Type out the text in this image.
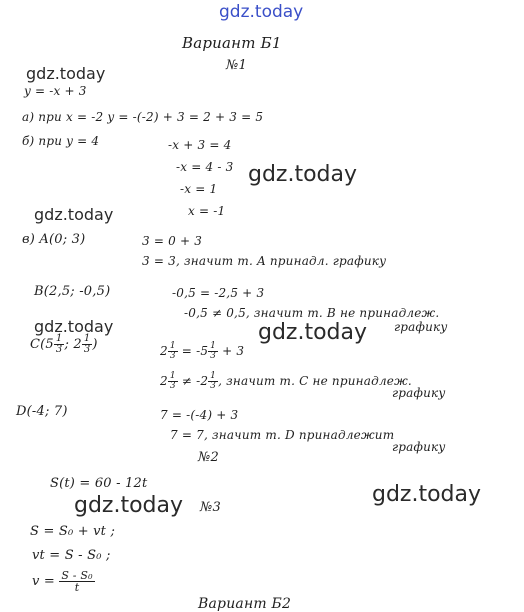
gdz.today
gdz.today
gdz.today
gdz.today
gdz.today	gdz.today
gdz.today
gdz.today
Вариант Б1
№1
y = -x + 3
а) при x = -2 y = -(-2) + 3 = 2 + 3 = 5
б) при y = 4	-x + 3 = 4
-x = 4 - 3
-x = 1
x = -1
в) A(0; 3)	3 = 0 + 3
3 = 3, значит т. A принадл. графику
B(2,5; -0,5)	-0,5 = -2,5 + 3
-0,5 ≠ 0,5, значит т. B не принадлеж.
графику
$C(5 \frac{1}{3}$ ; $2 \frac{1}{3}$ )	$2 \frac{1}{3} = -5 \frac{1}{3} + 3$
$2 \frac{1}{3} \ne -2 \frac{1}{3}$ , значит т. C не принадлеж.
графику
D(-4; 7)	7 = -(-4) + 3
7 = 7, значит т. D принадлежит
графику
№2
S(t) = 60 - 12t
№3
S = S₀ + vt ;
vt = S - S₀ ;
$v = \frac{\text{S - S₀}}{t}$
Вариант Б2
